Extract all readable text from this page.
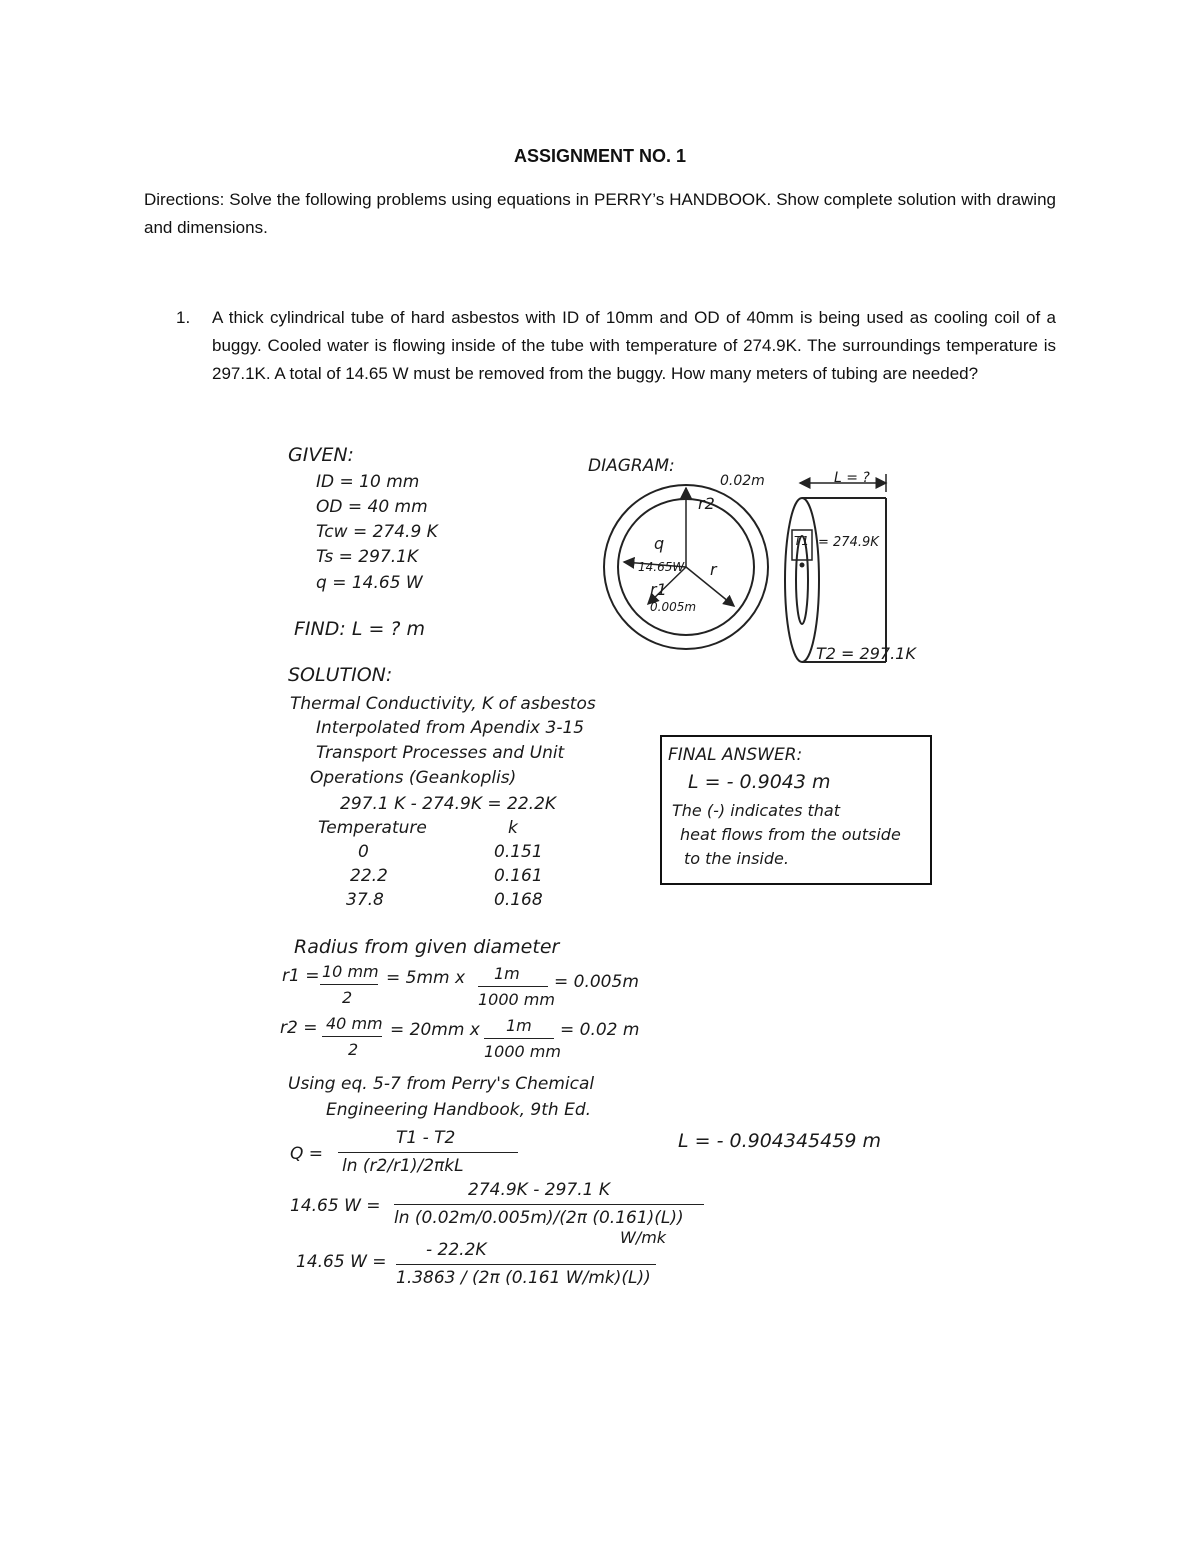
ASSIGNMENT NO. 1
Directions: Solve the following problems using equations in PERRY’s HANDBOOK. Show complete solution with drawing and dimensions.
1. A thick cylindrical tube of hard asbestos with ID of 10mm and OD of 40mm is being used as cooling coil of a buggy. Cooled water is flowing inside of the tube with temperature of 274.9K. The surroundings temperature is 297.1K. A total of 14.65 W must be removed from the buggy. How many meters of tubing are needed?
GIVEN:
ID = 10 mm
OD = 40 mm
Tcw = 274.9 K
Ts = 297.1K
q = 14.65 W
FIND: L = ? m
DIAGRAM:
r2
q
14.65W r
r1
0.005m
0.02m	L = ?
T1 = 274.9K
T2 = 297.1K
SOLUTION:
Thermal Conductivity, K of asbestos
Interpolated from Apendix 3-15
Transport Processes and Unit
Operations (Geankoplis)
297.1 K - 274.9K = 22.2K
Temperature	k
0	0.151
22.2	0.161
37.8	0.168
FINAL ANSWER:
L = - 0.9043 m
The (-) indicates that
heat flows from the outside
to the inside.
Radius from given diameter
r1 = 10 mm
2
= 5mm x 1m
1000 mm
= 0.005m
r2 = 40 mm
2
= 20mm x 1m
1000 mm
= 0.02 m
Using eq. 5-7 from Perry's Chemical
Engineering Handbook, 9th Ed.
Q =
T1 - T2
ln (r2/r1)/2πkL
L = - 0.904345459 m
14.65 W =
274.9K - 297.1 K
ln (0.02m/0.005m)/(2π (0.161)(L))
W/mk
14.65 W =
- 22.2K
1.3863 / (2π (0.161 W/mk)(L))
